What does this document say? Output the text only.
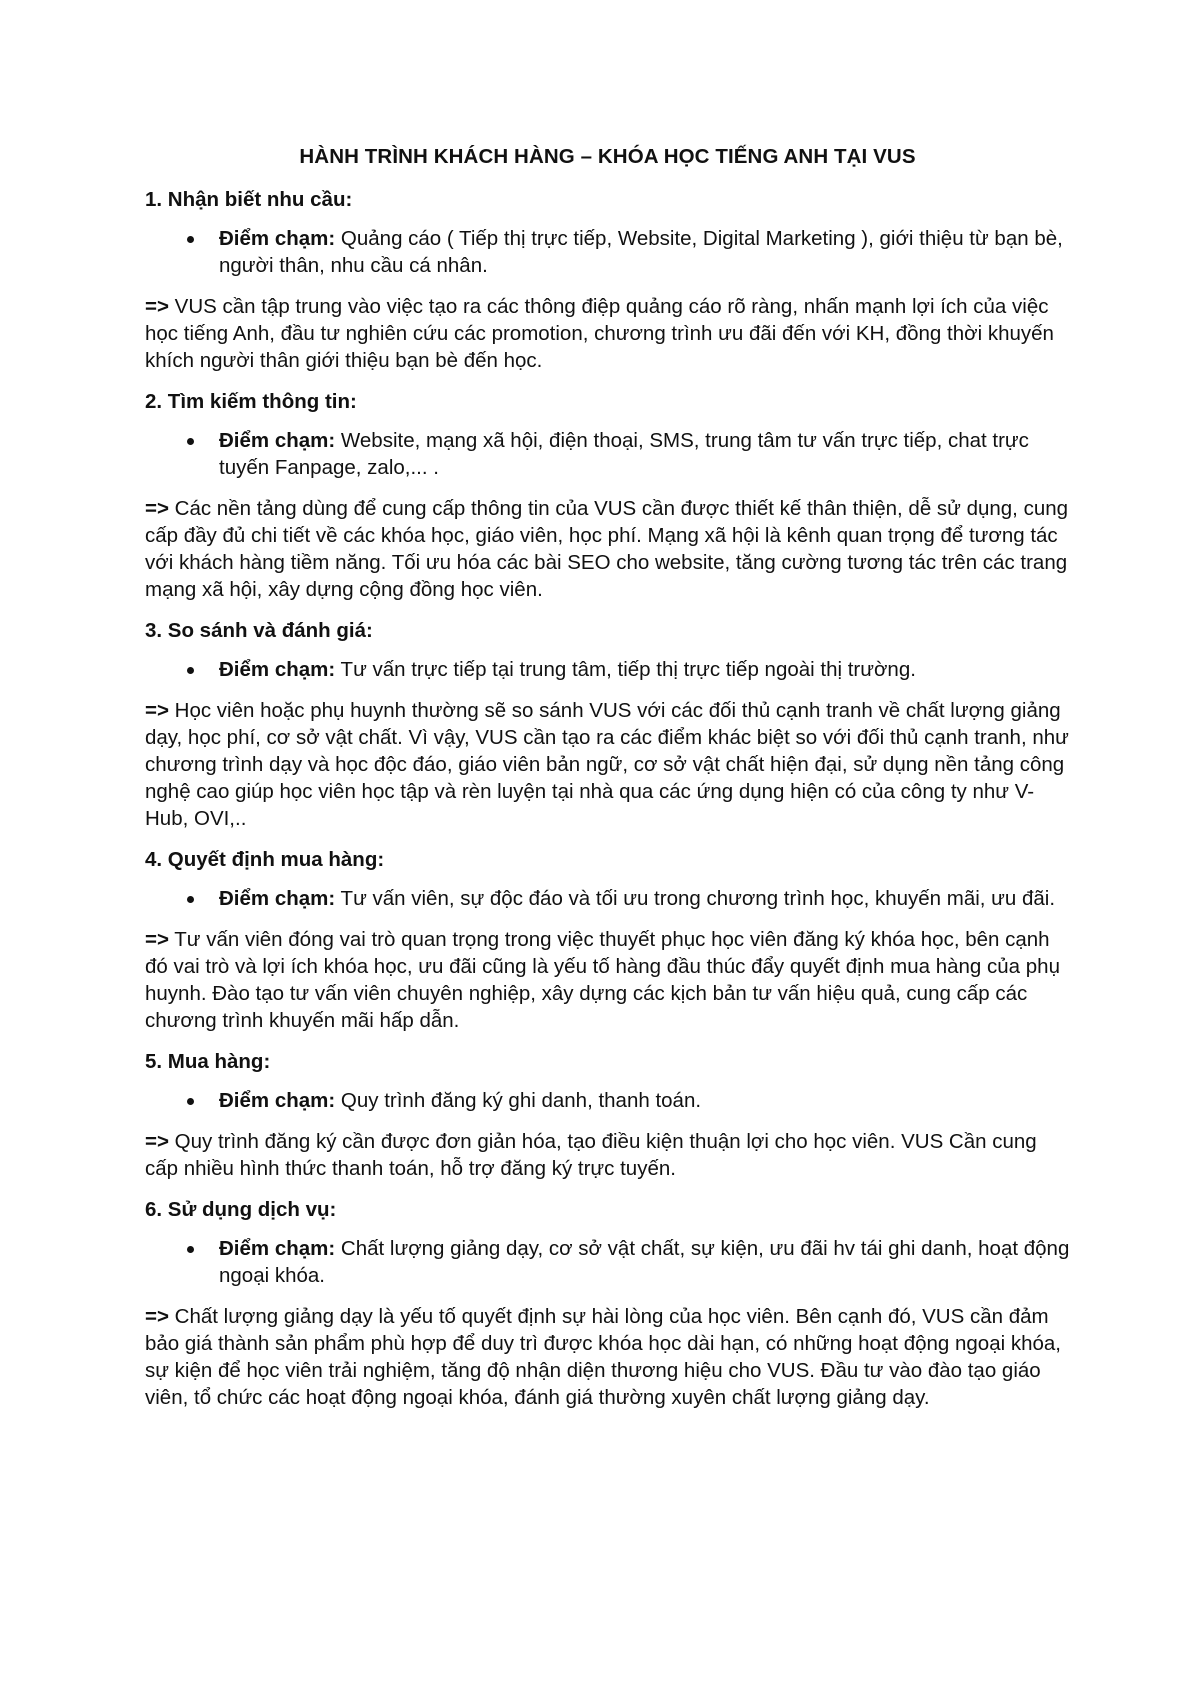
HÀNH TRÌNH KHÁCH HÀNG – KHÓA HỌC TIẾNG ANH TẠI VUS
1. Nhận biết nhu cầu:
Điểm chạm: Quảng cáo ( Tiếp thị trực tiếp, Website, Digital Marketing ), giới thiệu từ bạn bè, người thân, nhu cầu cá nhân.

=> VUS cần tập trung vào việc tạo ra các thông điệp quảng cáo rõ ràng, nhấn mạnh lợi ích của việc học tiếng Anh, đầu tư nghiên cứu các promotion, chương trình ưu đãi đến với KH, đồng thời khuyến khích người thân giới thiệu bạn bè đến học.

2. Tìm kiếm thông tin:
Điểm chạm: Website, mạng xã hội, điện thoại, SMS, trung tâm tư vấn trực tiếp, chat trực tuyến Fanpage, zalo,... .

=> Các nền tảng dùng để cung cấp thông tin của VUS cần được thiết kế thân thiện, dễ sử dụng, cung cấp đầy đủ chi tiết về các khóa học, giáo viên, học phí. Mạng xã hội là kênh quan trọng để tương tác với khách hàng tiềm năng. Tối ưu hóa các bài SEO cho website, tăng cường tương tác trên các trang mạng xã hội, xây dựng cộng đồng học viên.

3. So sánh và đánh giá:
Điểm chạm: Tư vấn trực tiếp tại trung tâm, tiếp thị trực tiếp ngoài thị trường.

=> Học viên hoặc phụ huynh thường sẽ so sánh VUS với các đối thủ cạnh tranh về chất lượng giảng dạy, học phí, cơ sở vật chất. Vì vậy, VUS cần tạo ra các điểm khác biệt so với đối thủ cạnh tranh, như chương trình dạy và học độc đáo, giáo viên bản ngữ, cơ sở vật chất hiện đại, sử dụng nền tảng công nghệ cao giúp học viên học tập và rèn luyện tại nhà qua các ứng dụng hiện có của công ty như V-Hub, OVI,..

4. Quyết định mua hàng:
Điểm chạm: Tư vấn viên, sự độc đáo và tối ưu trong chương trình học, khuyến mãi, ưu đãi.

=> Tư vấn viên đóng vai trò quan trọng trong việc thuyết phục học viên đăng ký khóa học, bên cạnh đó vai trò và lợi ích khóa học, ưu đãi cũng là yếu tố hàng đầu thúc đẩy quyết định mua hàng của phụ huynh. Đào tạo tư vấn viên chuyên nghiệp, xây dựng các kịch bản tư vấn hiệu quả, cung cấp các chương trình khuyến mãi hấp dẫn.

5. Mua hàng:
Điểm chạm: Quy trình đăng ký ghi danh, thanh toán.

=> Quy trình đăng ký cần được đơn giản hóa, tạo điều kiện thuận lợi cho học viên. VUS Cần cung cấp nhiều hình thức thanh toán, hỗ trợ đăng ký trực tuyến.

6. Sử dụng dịch vụ:
Điểm chạm: Chất lượng giảng dạy, cơ sở vật chất, sự kiện, ưu đãi hv tái ghi danh, hoạt động ngoại khóa.

=> Chất lượng giảng dạy là yếu tố quyết định sự hài lòng của học viên. Bên cạnh đó, VUS cần đảm bảo giá thành sản phẩm phù hợp để duy trì được khóa học dài hạn, có những hoạt động ngoại khóa, sự kiện để học viên trải nghiệm, tăng độ nhận diện thương hiệu cho VUS. Đầu tư vào đào tạo giáo viên, tổ chức các hoạt động ngoại khóa, đánh giá thường xuyên chất lượng giảng dạy.
